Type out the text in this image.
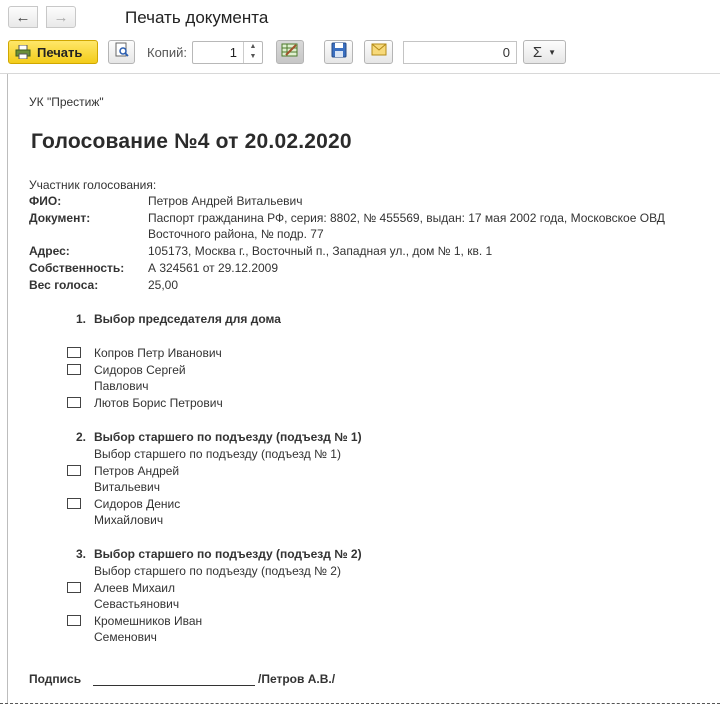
← →	Печать документа
Печать	Копий:	Σ ▼
1	▲
▼	0
УК "Престиж"
Голосование №4 от 20.02.2020
Участник голосования:
ФИО:	Петров Андрей Витальевич
Документ:	Паспорт гражданина РФ, серия: 8802, № 455569, выдан: 17 мая 2002 года, Московское ОВД
Восточного района, № подр. 77
Адрес:	105173, Москва г., Восточный п., Западная ул., дом № 1, кв. 1
Собственность: А 324561 от 29.12.2009
Вес голоса:	25,00
1. Выбор председателя для дома
Копров Петр Иванович
Сидоров Сергей
Павлович
Лютов Борис Петрович
2. Выбор старшего по подъезду (подъезд № 1)
Выбор старшего по подъезду (подъезд № 1)
Петров Андрей
Витальевич
Сидоров Денис
Михайлович
3. Выбор старшего по подъезду (подъезд № 2)
Выбор старшего по подъезду (подъезд № 2)
Алеев Михаил
Севастьянович
Кромешников Иван
Семенович
Подпись	/Петров А.В./
